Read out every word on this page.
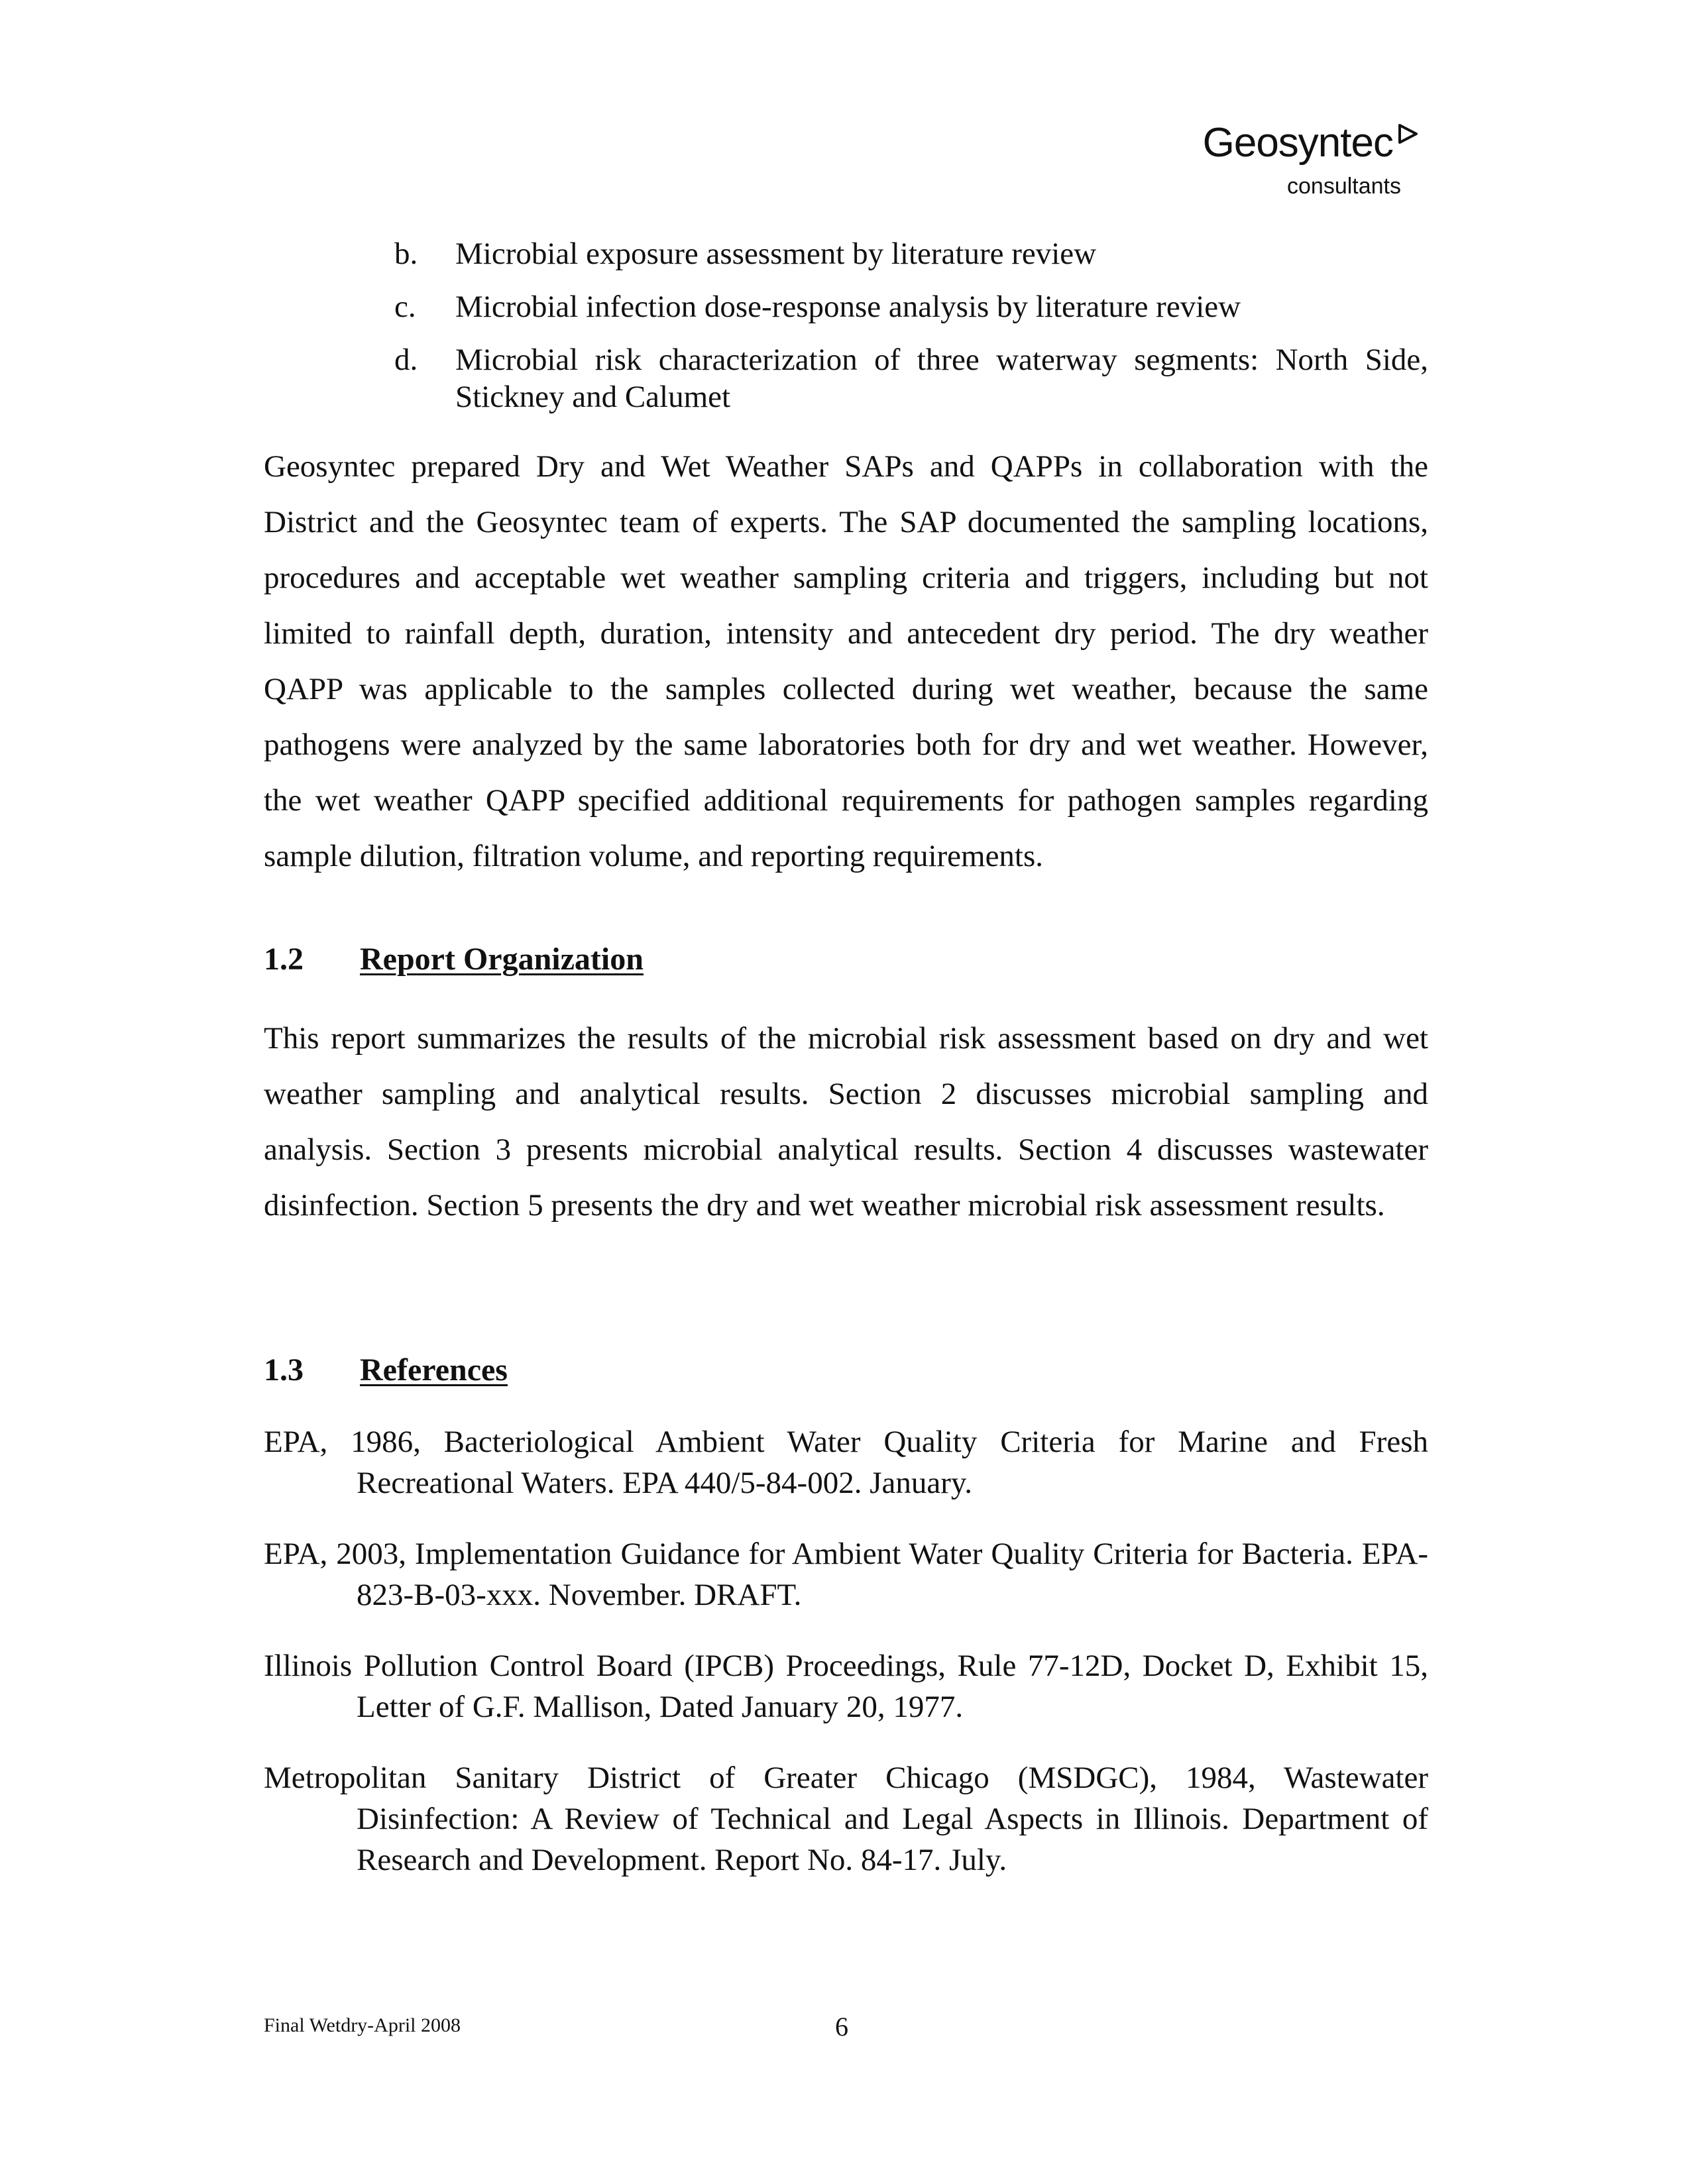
Geosyntec
consultants
b. Microbial exposure assessment by literature review
c. Microbial infection dose-response analysis by literature review
d. Microbial risk characterization of three waterway segments: North Side, Stickney and Calumet

Geosyntec prepared Dry and Wet Weather SAPs and QAPPs in collaboration with the District and the Geosyntec team of experts. The SAP documented the sampling locations, procedures and acceptable wet weather sampling criteria and triggers, including but not limited to rainfall depth, duration, intensity and antecedent dry period. The dry weather QAPP was applicable to the samples collected during wet weather, because the same pathogens were analyzed by the same laboratories both for dry and wet weather. However, the wet weather QAPP specified additional requirements for pathogen samples regarding sample dilution, filtration volume, and reporting requirements.

1.2 Report Organization

This report summarizes the results of the microbial risk assessment based on dry and wet weather sampling and analytical results. Section 2 discusses microbial sampling and analysis. Section 3 presents microbial analytical results. Section 4 discusses wastewater disinfection. Section 5 presents the dry and wet weather microbial risk assessment results.

1.3 References
EPA, 1986, Bacteriological Ambient Water Quality Criteria for Marine and Fresh Recreational Waters. EPA 440/5-84-002. January.
EPA, 2003, Implementation Guidance for Ambient Water Quality Criteria for Bacteria. EPA-823-B-03-xxx. November. DRAFT.
Illinois Pollution Control Board (IPCB) Proceedings, Rule 77-12D, Docket D, Exhibit 15, Letter of G.F. Mallison, Dated January 20, 1977.
Metropolitan Sanitary District of Greater Chicago (MSDGC), 1984, Wastewater Disinfection: A Review of Technical and Legal Aspects in Illinois. Department of Research and Development. Report No. 84-17. July.
Final Wetdry-April 2008	6
